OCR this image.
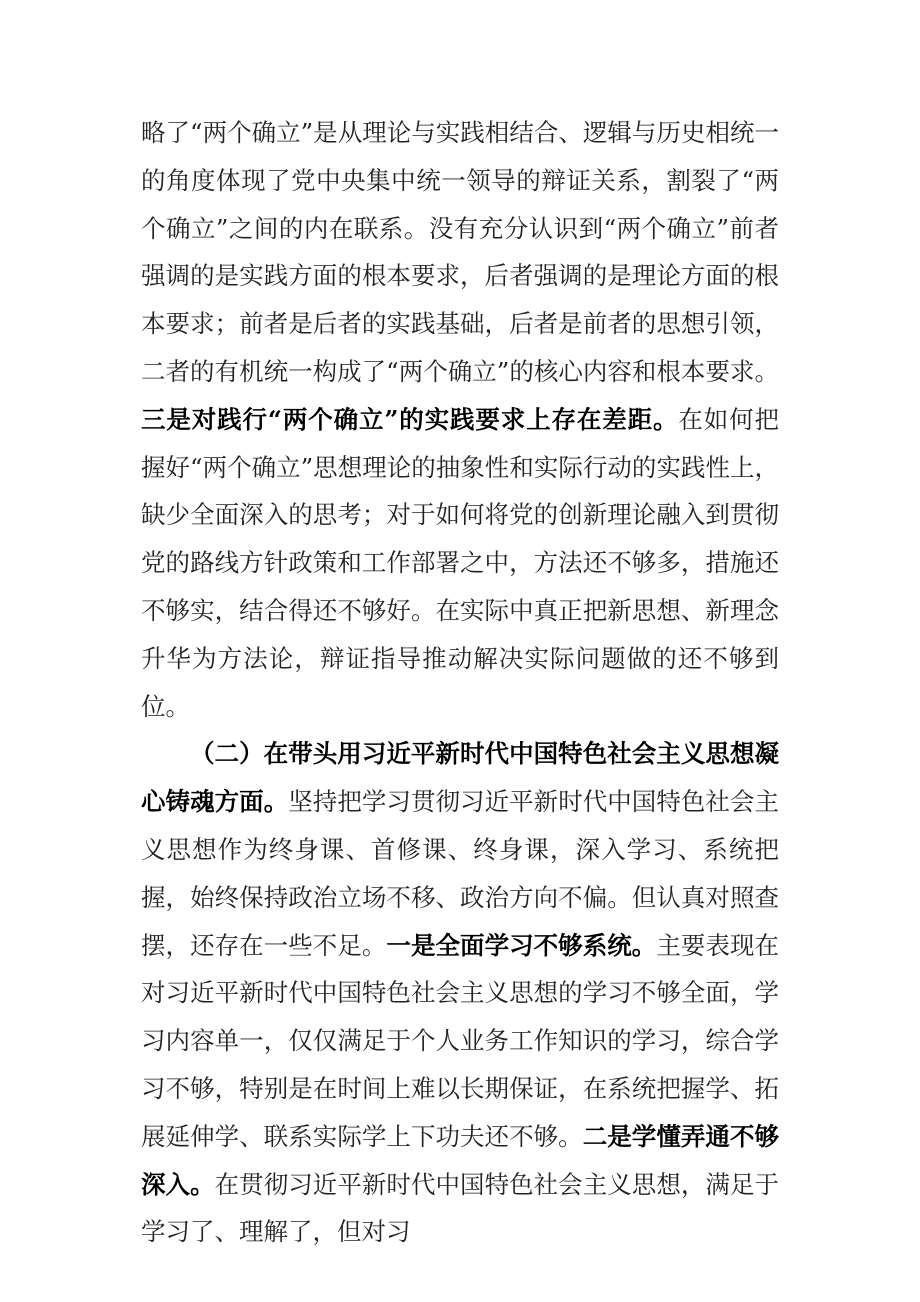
略了“两个确立”是从理论与实践相结合、逻辑与历史相统一的角度体现了党中央集中统一领导的辩证关系，割裂了“两个确立”之间的内在联系。没有充分认识到“两个确立”前者强调的是实践方面的根本要求，后者强调的是理论方面的根本要求；前者是后者的实践基础，后者是前者的思想引领，二者的有机统一构成了“两个确立”的核心内容和根本要求。三是对践行“两个确立”的实践要求上存在差距。在如何把握好“两个确立”思想理论的抽象性和实际行动的实践性上，缺少全面深入的思考；对于如何将党的创新理论融入到贯彻党的路线方针政策和工作部署之中，方法还不够多，措施还不够实，结合得还不够好。在实际中真正把新思想、新理念升华为方法论，辩证指导推动解决实际问题做的还不够到位。

（二）在带头用习近平新时代中国特色社会主义思想凝心铸魂方面。坚持把学习贯彻习近平新时代中国特色社会主义思想作为终身课、首修课、终身课，深入学习、系统把握，始终保持政治立场不移、政治方向不偏。但认真对照查摆，还存在一些不足。一是全面学习不够系统。主要表现在对习近平新时代中国特色社会主义思想的学习不够全面，学习内容单一，仅仅满足于个人业务工作知识的学习，综合学习不够，特别是在时间上难以长期保证，在系统把握学、拓展延伸学、联系实际学上下功夫还不够。二是学懂弄通不够深入。在贯彻习近平新时代中国特色社会主义思想，满足于学习了、理解了，但对习
